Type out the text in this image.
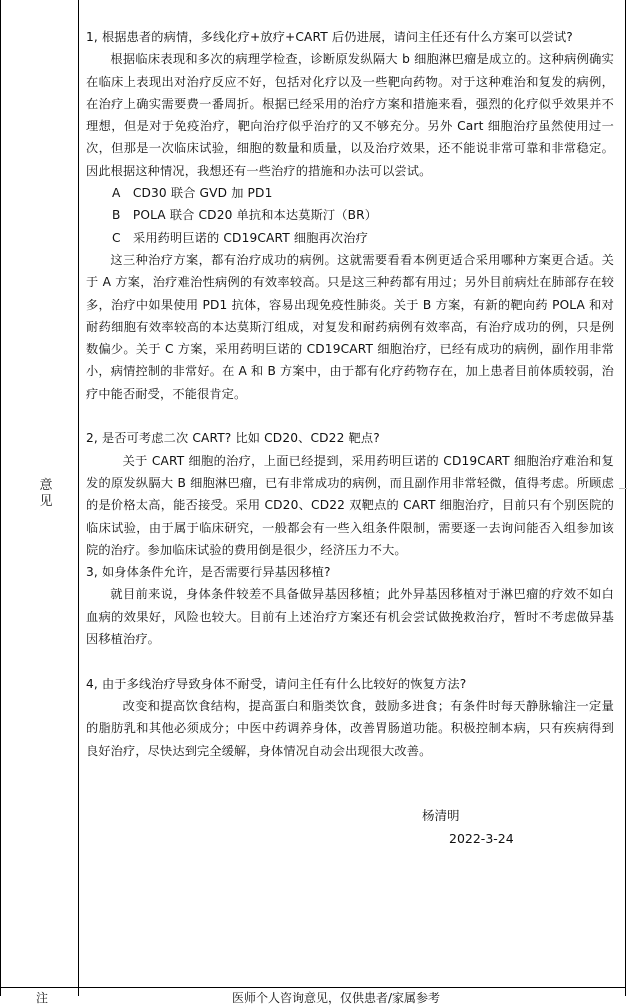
意见

1, 根据患者的病情，多线化疗+放疗+CART 后仍进展，请问主任还有什么方案可以尝试?

根据临床表现和多次的病理学检查，诊断原发纵隔大 b 细胞淋巴瘤是成立的。这种病例确实在临床上表现出对治疗反应不好，包括对化疗以及一些靶向药物。对于这种难治和复发的病例，在治疗上确实需要费一番周折。根据已经采用的治疗方案和措施来看，强烈的化疗似乎效果并不理想，但是对于免疫治疗，靶向治疗似乎治疗的又不够充分。另外 Cart 细胞治疗虽然使用过一次，但那是一次临床试验，细胞的数量和质量，以及治疗效果，还不能说非常可靠和非常稳定。因此根据这种情况，我想还有一些治疗的措施和办法可以尝试。

A　CD30 联合 GVD 加 PD1

B　POLA 联合 CD20 单抗和本达莫斯汀（BR）

C　采用药明巨诺的 CD19CART 细胞再次治疗

这三种治疗方案，都有治疗成功的病例。这就需要看看本例更适合采用哪种方案更合适。关于 A 方案，治疗难治性病例的有效率较高。只是这三种药都有用过；另外目前病灶在肺部存在较多，治疗中如果使用 PD1 抗体，容易出现免疫性肺炎。关于 B 方案，有新的靶向药 POLA 和对耐药细胞有效率较高的本达莫斯汀组成，对复发和耐药病例有效率高，有治疗成功的例，只是例数偏少。关于 C 方案，采用药明巨诺的 CD19CART 细胞治疗，已经有成功的病例，副作用非常小，病情控制的非常好。在 A 和 B 方案中，由于都有化疗药物存在，加上患者目前体质较弱，治疗中能否耐受，不能很肯定。

2, 是否可考虑二次 CART? 比如 CD20、CD22 靶点?

关于 CART 细胞的治疗，上面已经提到，采用药明巨诺的 CD19CART 细胞治疗难治和复发的原发纵膈大 B 细胞淋巴瘤，已有非常成功的病例，而且副作用非常轻微，值得考虑。所顾虑的是价格太高，能否接受。采用 CD20、CD22 双靶点的 CART 细胞治疗，目前只有个别医院的临床试验，由于属于临床研究，一般都会有一些入组条件限制，需要逐一去询问能否入组参加该院的治疗。参加临床试验的费用倒是很少，经济压力不大。

3, 如身体条件允许，是否需要行异基因移植?

就目前来说，身体条件较差不具备做异基因移植；此外异基因移植对于淋巴瘤的疗效不如白血病的效果好，风险也较大。目前有上述治疗方案还有机会尝试做挽救治疗，暂时不考虑做异基因移植治疗。

4, 由于多线治疗导致身体不耐受，请问主任有什么比较好的恢复方法?

改变和提高饮食结构，提高蛋白和脂类饮食，鼓励多进食；有条件时每天静脉输注一定量的脂肪乳和其他必须成分；中医中药调养身体，改善胃肠道功能。积极控制本病，只有疾病得到良好治疗，尽快达到完全缓解，身体情况自动会出现很大改善。

杨清明
2022-3-24
注	医师个人咨询意见，仅供患者/家属参考
